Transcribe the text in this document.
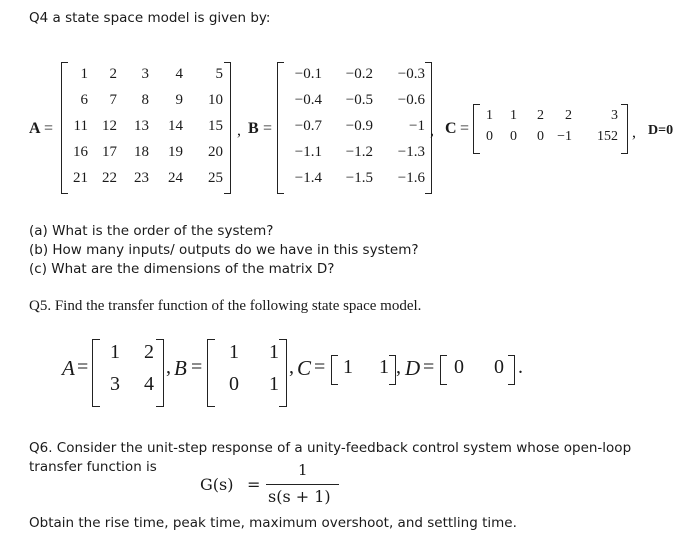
Q4 a state space model is given by:
A =
1 2 3 4 5
6 7 8 9 10
11 12 13 14 15
16 17 18 19 20
21 22 23 24 25
, B =
−0.1 −0.2 −0.3
−0.4 −0.5 −0.6
−0.7 −0.9 −1
−1.1 −1.2 −1.3
−1.4 −1.5 −1.6
, C =
1 1 2 2	3
0 0 0 −1 152 , D=0
(a) What is the order of the system?
(b) How many inputs/ outputs do we have in this system?
(c) What are the dimensions of the matrix D?
Q5. Find the transfer function of the following state space model.
A =
1 2
3 4
, B =
1 1
0 1
, C = 1 1 , D = 0 0 .
Q6. Consider the unit-step response of a unity-feedback control system whose open-loop
transfer function is
G(s) =
1
s(s + 1)
Obtain the rise time, peak time, maximum overshoot, and settling time.
